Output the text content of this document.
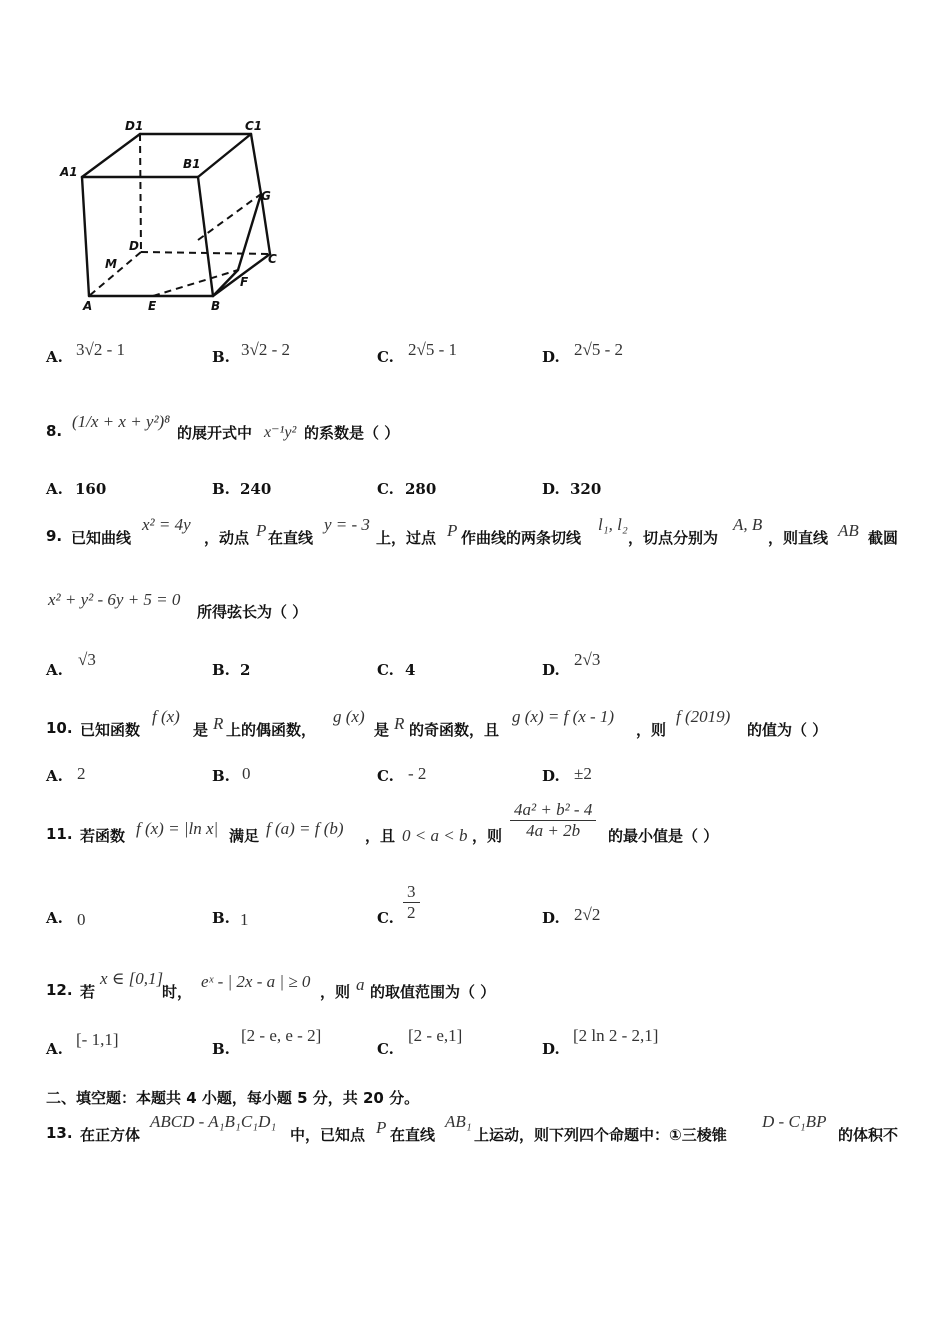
D1	C1
A1
B1
G
D
C
M
F
A	E	B
A. 3√2 - 1	B. 3√2 - 2	C. 2√5 - 1	D. 2√5 - 2
8. (1/x + x + y²)⁸
的展开式中 x⁻¹y² 的系数是（ ）
A. 160	B. 240	C. 280	D. 320
9. 已知曲线
x² = 4y
，动点 P 在直线
y = - 3
上，过点 P 作曲线的两条切线
l₁, l₂
，切点分别为
A, B
，则直线 AB 截圆
x² + y² - 6y + 5 = 0
所得弦长为（ ）
A.
√3
B. 2	C. 4	D.
2√3
10. 已知函数
f (x)
是 R 上的偶函数，
g (x)
是 R 的奇函数，且
g (x) = f (x - 1)
，则
f (2019)
的值为（ ）
A. 2	B. 0	C. - 2	D. ±2
11. 若函数 f (x) = |ln x| 满足 f (a) = f (b) ，且 0 < a < b ，则 $\frac{\text{4a² + b² - 4}}{4a + 2b}$ 的最小值是（ ）
A. 0	B. 1	C. $\frac{3}{2}$	D. 2√2
12. 若
x ∈ [0,1]
时，
eˣ - | 2x - a | ≥ 0
，则 a 的取值范围为（ ）
A. [- 1,1]	B.
[2 - e, e - 2]
C.
[2 - e,1]
D.
[2 ln 2 - 2,1]
二、填空题：本题共 4 小题，每小题 5 分，共 20 分。
13. 在正方体
ABCD - A₁B₁C₁D₁
中，已知点 P 在直线
AB₁
上运动，则下列四个命题中：①三棱锥
D - C₁BP
的体积不
